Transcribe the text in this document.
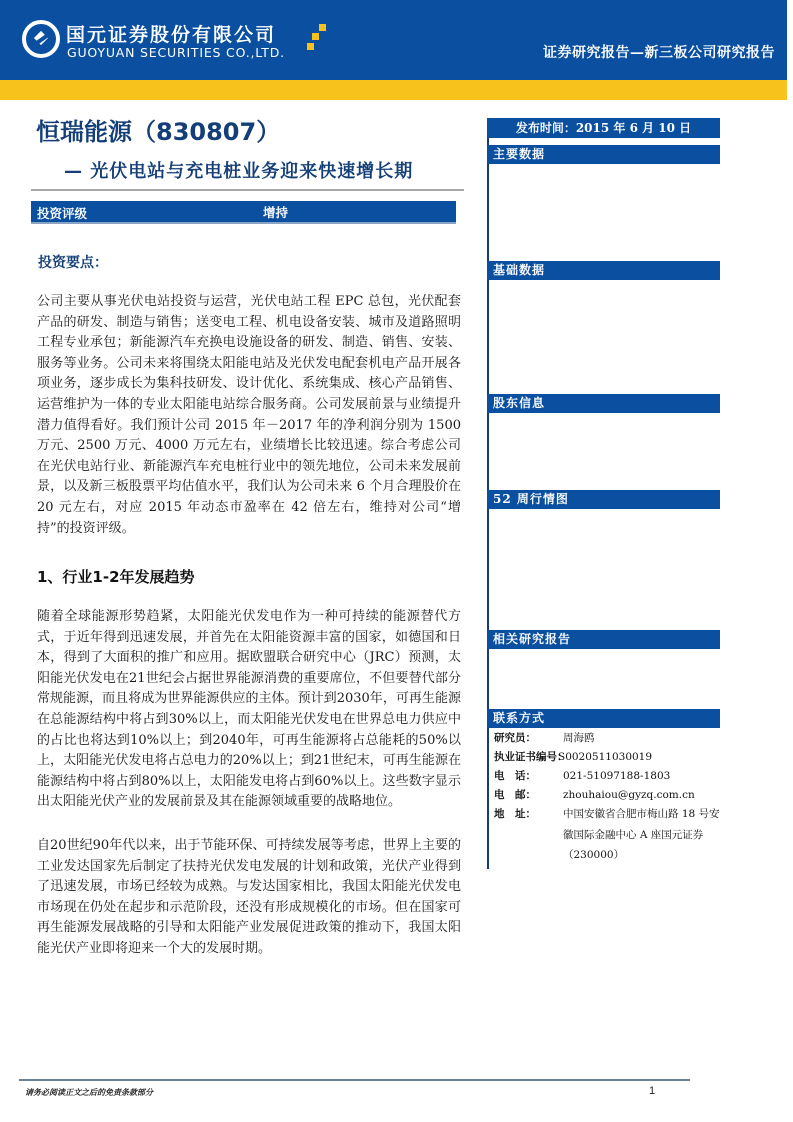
国元证券股份有限公司
GUOYUAN SECURITIES CO.,LTD.	证券研究报告—新三板公司研究报告
恒瑞能源（830807）
— 光伏电站与充电桩业务迎来快速增长期
投资评级	增持
投资要点：

公司主要从事光伏电站投资与运营，光伏电站工程 EPC 总包，光伏配套产品的研发、制造与销售；送变电工程、机电设备安装、城市及道路照明工程专业承包；新能源汽车充换电设施设备的研发、制造、销售、安装、服务等业务。公司未来将围绕太阳能电站及光伏发电配套机电产品开展各项业务，逐步成长为集科技研发、设计优化、系统集成、核心产品销售、运营维护为一体的专业太阳能电站综合服务商。公司发展前景与业绩提升潜力值得看好。我们预计公司 2015 年－2017 年的净利润分别为 1500 万元、2500 万元、4000 万元左右，业绩增长比较迅速。综合考虑公司在光伏电站行业、新能源汽车充电桩行业中的领先地位，公司未来发展前景，以及新三板股票平均估值水平，我们认为公司未来 6 个月合理股价在 20 元左右，对应 2015 年动态市盈率在 42 倍左右，维持对公司“增持”的投资评级。

1、行业1-2年发展趋势

随着全球能源形势趋紧，太阳能光伏发电作为一种可持续的能源替代方式，于近年得到迅速发展，并首先在太阳能资源丰富的国家，如德国和日本，得到了大面积的推广和应用。据欧盟联合研究中心（JRC）预测，太阳能光伏发电在21世纪会占据世界能源消费的重要席位，不但要替代部分常规能源，而且将成为世界能源供应的主体。预计到2030年，可再生能源在总能源结构中将占到30%以上，而太阳能光伏发电在世界总电力供应中的占比也将达到10%以上；到2040年，可再生能源将占总能耗的50%以上，太阳能光伏发电将占总电力的20%以上；到21世纪末，可再生能源在能源结构中将占到80%以上，太阳能发电将占到60%以上。这些数字显示出太阳能光伏产业的发展前景及其在能源领域重要的战略地位。

自20世纪90年代以来，出于节能环保、可持续发展等考虑，世界上主要的工业发达国家先后制定了扶持光伏发电发展的计划和政策，光伏产业得到了迅速发展，市场已经较为成熟。与发达国家相比，我国太阳能光伏发电市场现在仍处在起步和示范阶段，还没有形成规模化的市场。但在国家可再生能源发展战略的引导和太阳能产业发展促进政策的推动下，我国太阳能光伏产业即将迎来一个大的发展时期。

发布时间：2015 年 6 月 10 日
主要数据
基础数据
股东信息
52 周行情图
相关研究报告
联系方式
研究员：	周海鸥
执业证书编号：
S0020511030019
电　话：	021-51097188-1803
电　邮：	zhouhaiou@gyzq.com.cn
地　址：	中国安徽省合肥市梅山路 18 号安
徽国际金融中心 A 座国元证券
（230000）
请务必阅读正文之后的免责条款部分	1
